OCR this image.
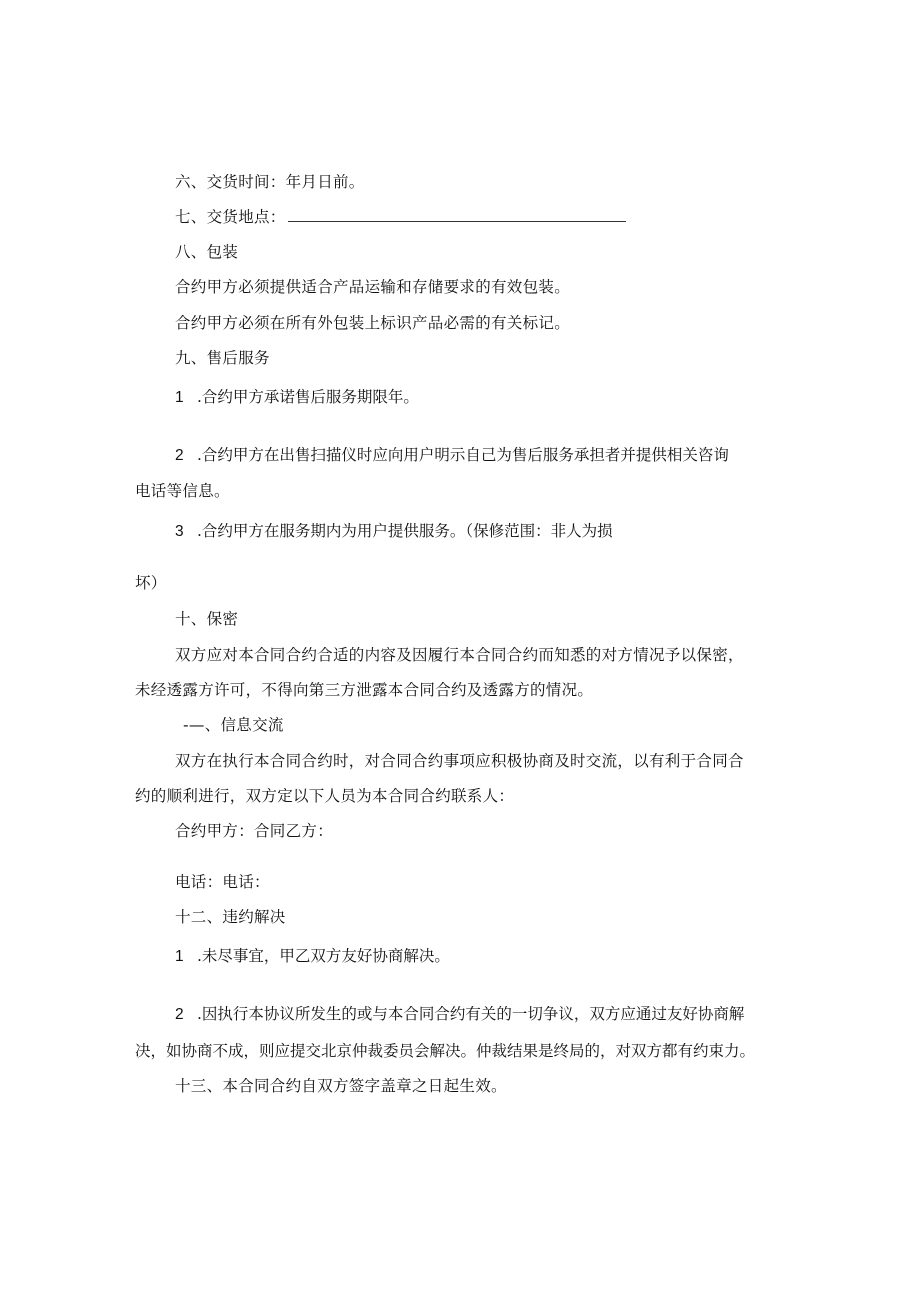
六、交货时间：年月日前。
七、交货地点：
八、包装
合约甲方必须提供适合产品运输和存储要求的有效包装。
合约甲方必须在所有外包装上标识产品必需的有关标记。
九、售后服务
1 .合约甲方承诺售后服务期限年。
2 .合约甲方在出售扫描仪时应向用户明示自己为售后服务承担者并提供相关咨询
电话等信息。
3 .合约甲方在服务期内为用户提供服务。（保修范围：非人为损
坏）
十、保密
双方应对本合同合约合适的内容及因履行本合同合约而知悉的对方情况予以保密，
未经透露方许可，不得向第三方泄露本合同合约及透露方的情况。
-—、信息交流
双方在执行本合同合约时，对合同合约事项应积极协商及时交流，以有利于合同合
约的顺利进行，双方定以下人员为本合同合约联系人：
合约甲方：合同乙方：
电话：电话：
十二、违约解决
1 .未尽事宜，甲乙双方友好协商解决。
2 .因执行本协议所发生的或与本合同合约有关的一切争议，双方应通过友好协商解
决，如协商不成，则应提交北京仲裁委员会解决。仲裁结果是终局的，对双方都有约束力。
十三、本合同合约自双方签字盖章之日起生效。
